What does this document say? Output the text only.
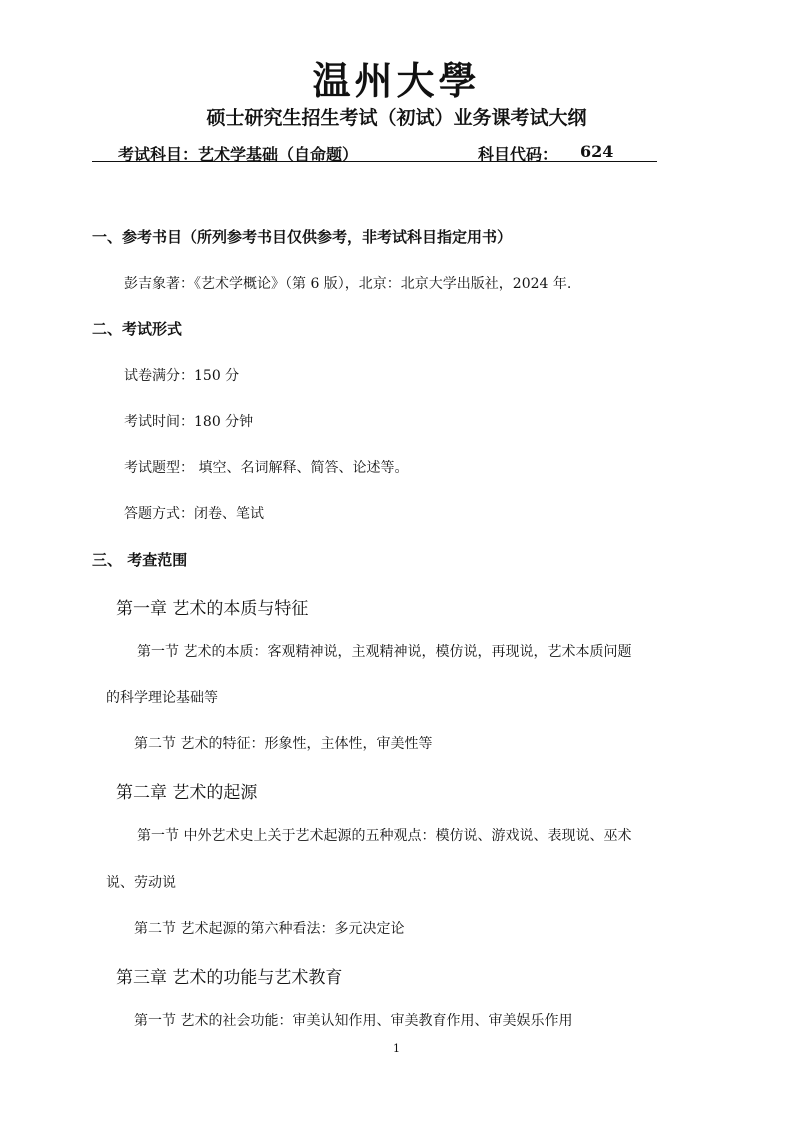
温州大學
硕士研究生招生考试（初试）业务课考试大纲
考试科目：艺术学基础（自命题）	科目代码： 624
一、参考书目（所列参考书目仅供参考，非考试科目指定用书）
彭吉象著：《艺术学概论》（第 6 版），北京：北京大学出版社，2024 年.
二、考试形式
试卷满分：150 分
考试时间：180 分钟
考试题型： 填空、名词解释、简答、论述等。
答题方式：闭卷、笔试
三、 考查范围
第一章 艺术的本质与特征
第一节 艺术的本质：客观精神说，主观精神说，模仿说，再现说，艺术本质问题
的科学理论基础等
第二节 艺术的特征：形象性，主体性，审美性等
第二章 艺术的起源
第一节 中外艺术史上关于艺术起源的五种观点：模仿说、游戏说、表现说、巫术
说、劳动说
第二节 艺术起源的第六种看法：多元决定论
第三章 艺术的功能与艺术教育
第一节 艺术的社会功能：审美认知作用、审美教育作用、审美娱乐作用
1
